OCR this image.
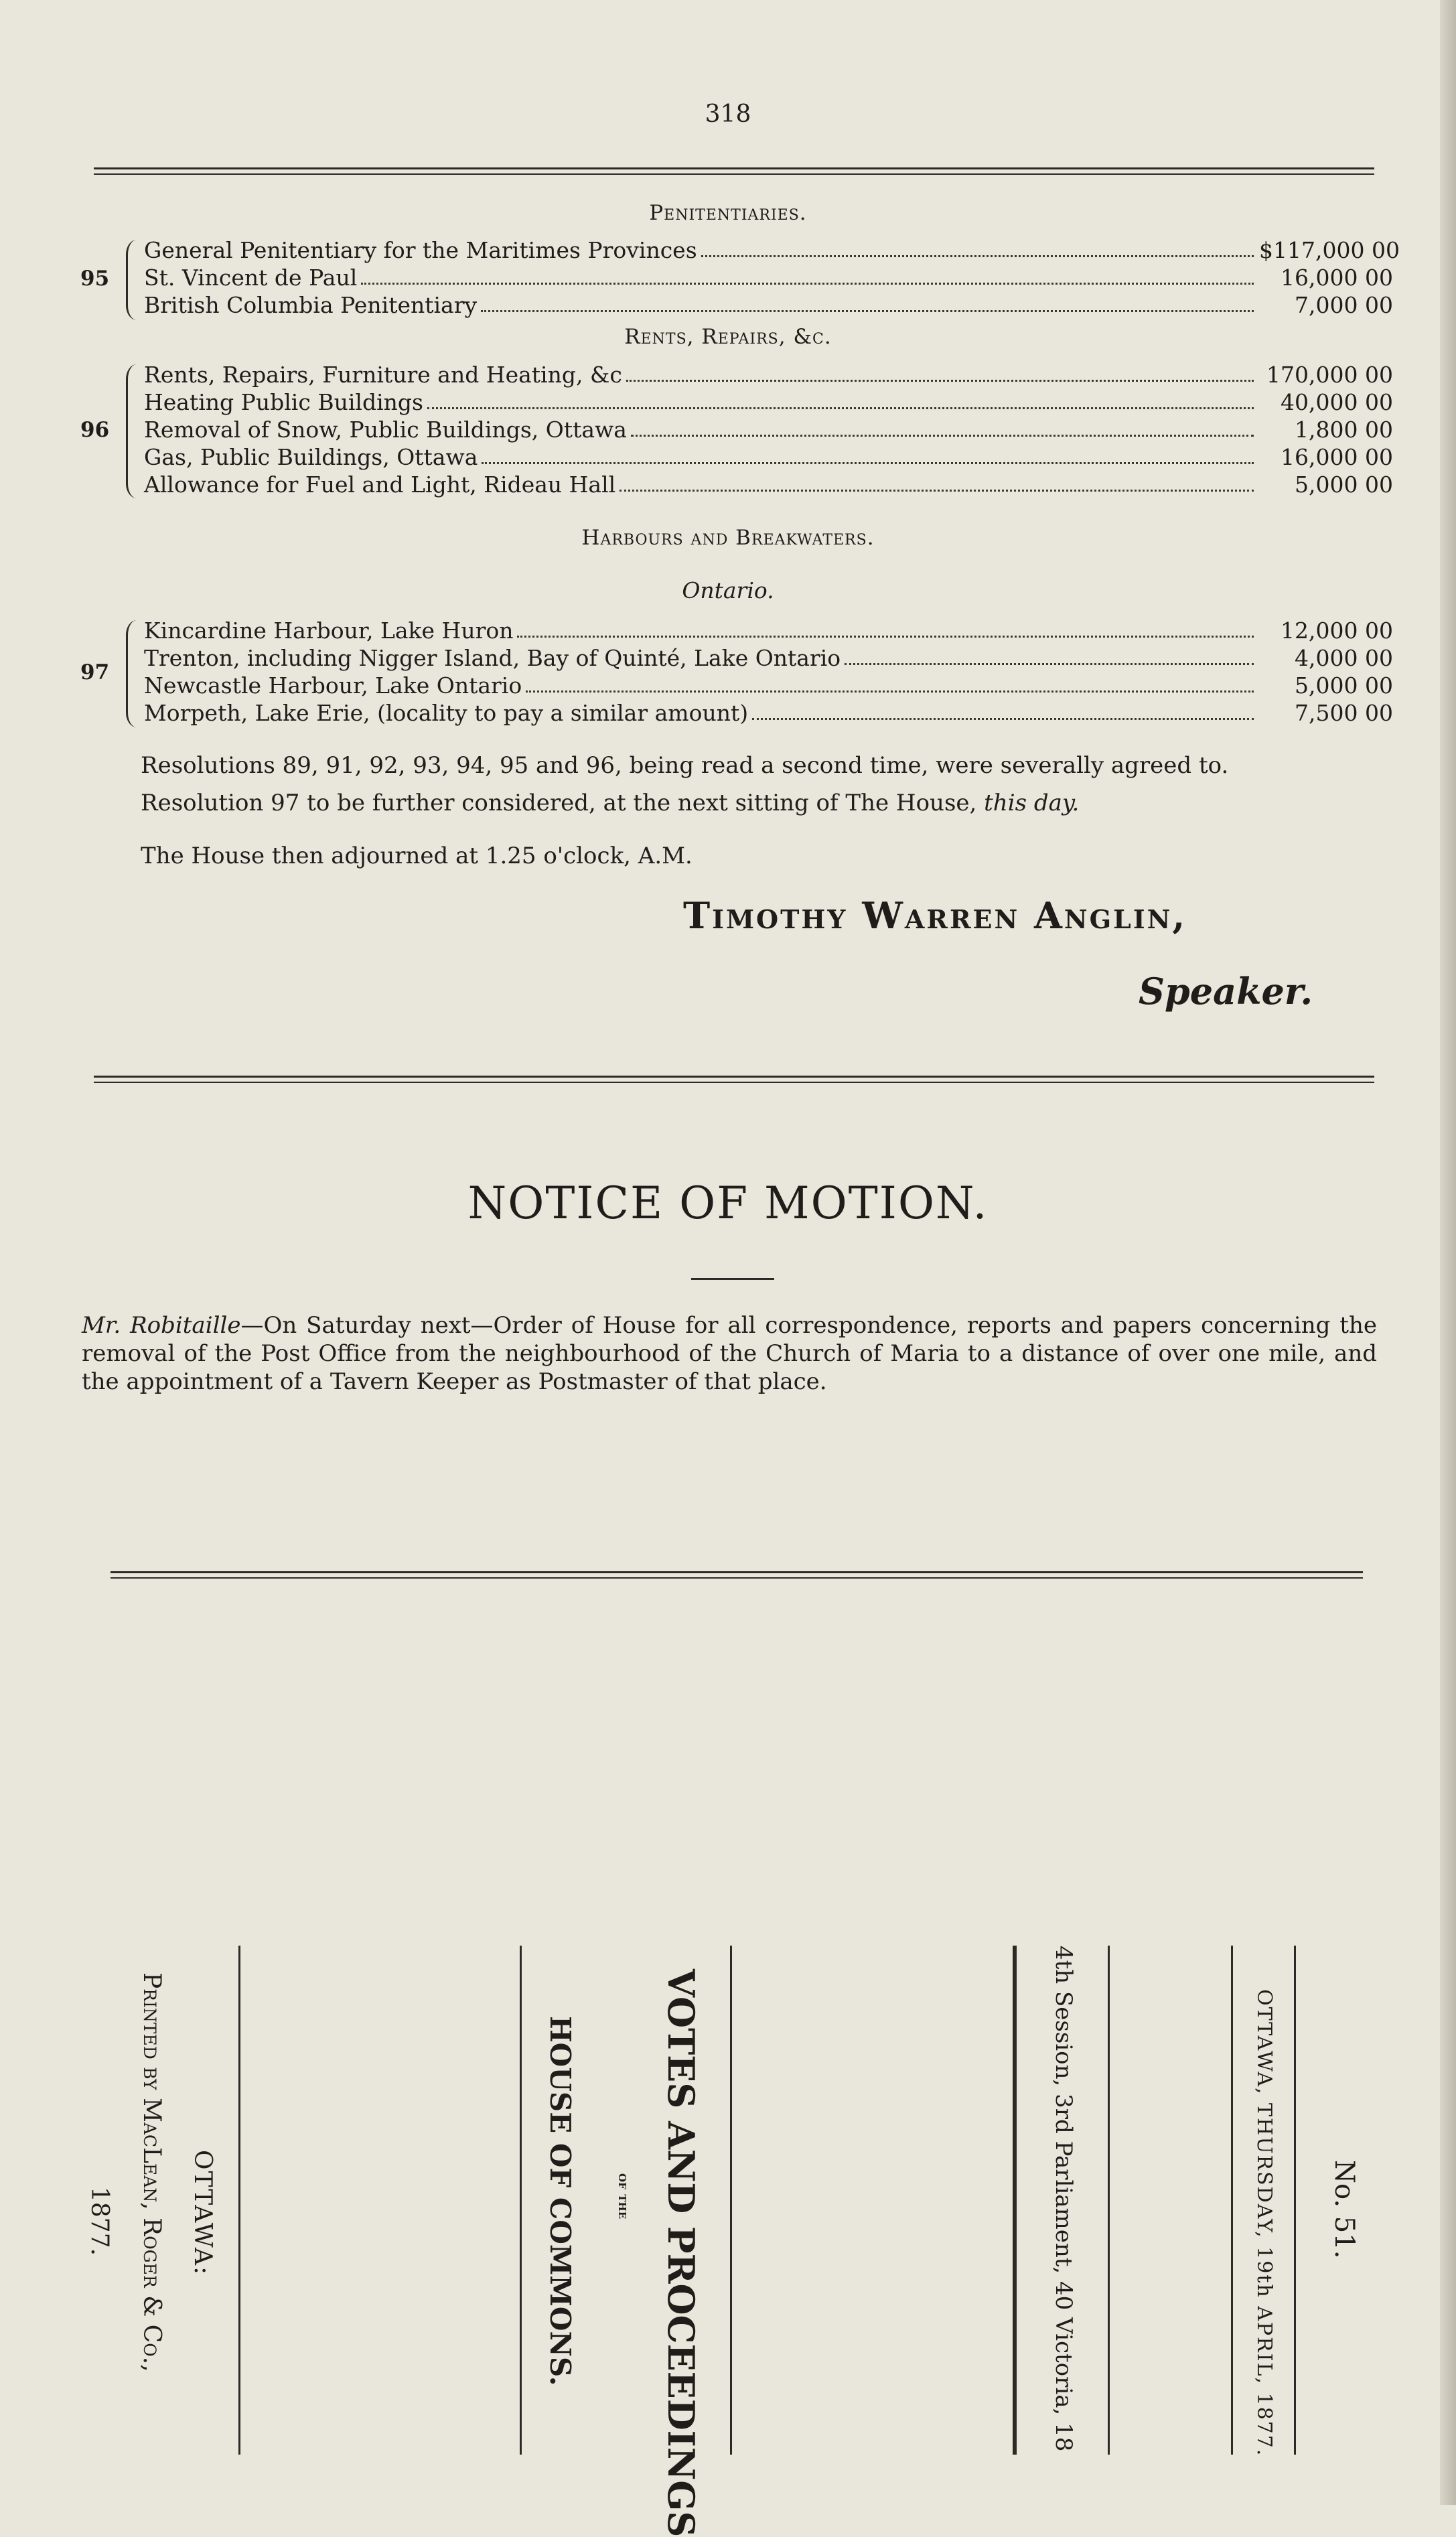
318
Penitentiaries.
95
General Penitentiary for the Maritimes Provinces	$117,000 00
St. Vincent de Paul	16,000 00
British Columbia Penitentiary	7,000 00
Rents, Repairs, &c.
96
Rents, Repairs, Furniture and Heating, &c	170,000 00
Heating Public Buildings	40,000 00
Removal of Snow, Public Buildings, Ottawa	1,800 00
Gas, Public Buildings, Ottawa	16,000 00
Allowance for Fuel and Light, Rideau Hall	5,000 00
Harbours and Breakwaters.
Ontario.
97
Kincardine Harbour, Lake Huron	12,000 00
Trenton, including Nigger Island, Bay of Quinté, Lake Ontario	4,000 00
Newcastle Harbour, Lake Ontario	5,000 00
Morpeth, Lake Erie, (locality to pay a similar amount)	7,500 00
Resolutions 89, 91, 92, 93, 94, 95 and 96, being read a second time, were severally agreed to.
Resolution 97 to be further considered, at the next sitting of The House, this day.
The House then adjourned at 1.25 o'clock, A.M.
Timothy Warren Anglin,
Speaker.
NOTICE OF MOTION.
Mr. Robitaille—On Saturday next—Order of House for all correspondence, reports and papers concerning the removal of the Post Office from the neighbourhood of the Church of Maria to a distance of over one mile, and the appointment of a Tavern Keeper as Postmaster of that place.
No. 51.
OTTAWA, THURSDAY, 19th APRIL, 1877.
4th Session, 3rd Parliament, 40 Victoria, 18
VOTES AND PROCEEDINGS
of the
HOUSE OF COMMONS.
OTTAWA:
Printed by MacLean, Roger & Co.,
1877.
